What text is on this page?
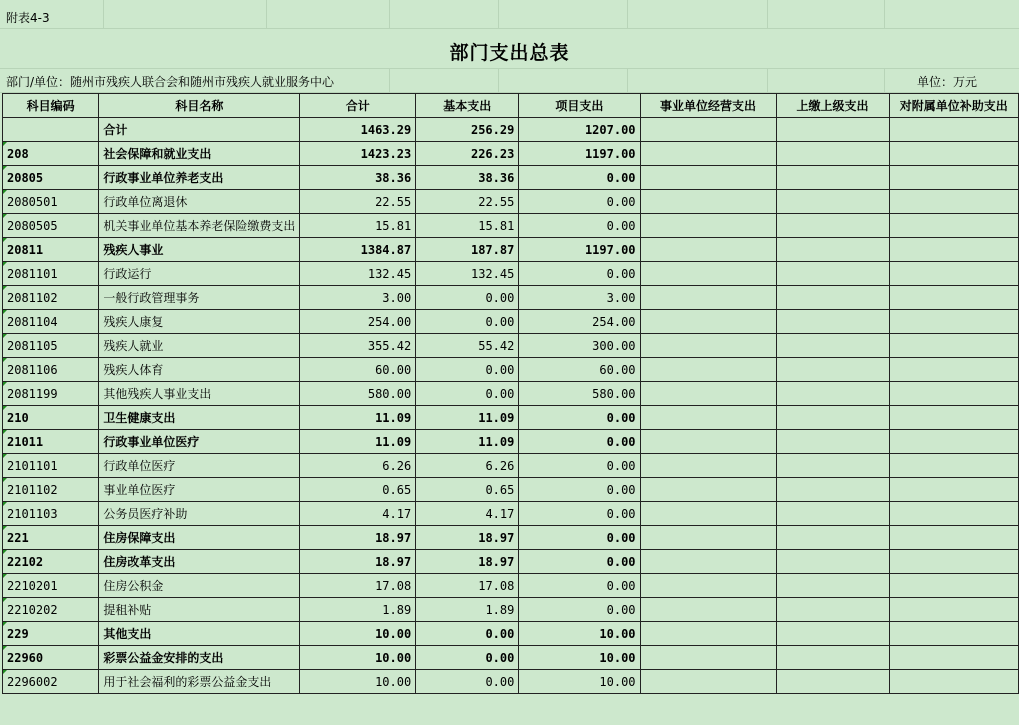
附表4-3
部门支出总表
部门/单位：随州市残疾人联合会和随州市残疾人就业服务中心	单位：万元
科目编码	科目名称	合计	基本支出	项目支出	事业单位经营支出	上缴上级支出	对附属单位补助支出
	合计	1463.29	256.29	1207.00			
208	社会保障和就业支出	1423.23	226.23	1197.00			
20805	行政事业单位养老支出	38.36	38.36	0.00			
2080501	行政单位离退休	22.55	22.55	0.00			
2080505	机关事业单位基本养老保险缴费支出	15.81	15.81	0.00			
20811	残疾人事业	1384.87	187.87	1197.00			
2081101	行政运行	132.45	132.45	0.00			
2081102	一般行政管理事务	3.00	0.00	3.00			
2081104	残疾人康复	254.00	0.00	254.00			
2081105	残疾人就业	355.42	55.42	300.00			
2081106	残疾人体育	60.00	0.00	60.00			
2081199	其他残疾人事业支出	580.00	0.00	580.00			
210	卫生健康支出	11.09	11.09	0.00			
21011	行政事业单位医疗	11.09	11.09	0.00			
2101101	行政单位医疗	6.26	6.26	0.00			
2101102	事业单位医疗	0.65	0.65	0.00			
2101103	公务员医疗补助	4.17	4.17	0.00			
221	住房保障支出	18.97	18.97	0.00			
22102	住房改革支出	18.97	18.97	0.00			
2210201	住房公积金	17.08	17.08	0.00			
2210202	提租补贴	1.89	1.89	0.00			
229	其他支出	10.00	0.00	10.00			
22960	彩票公益金安排的支出	10.00	0.00	10.00			
2296002	用于社会福利的彩票公益金支出	10.00	0.00	10.00			
